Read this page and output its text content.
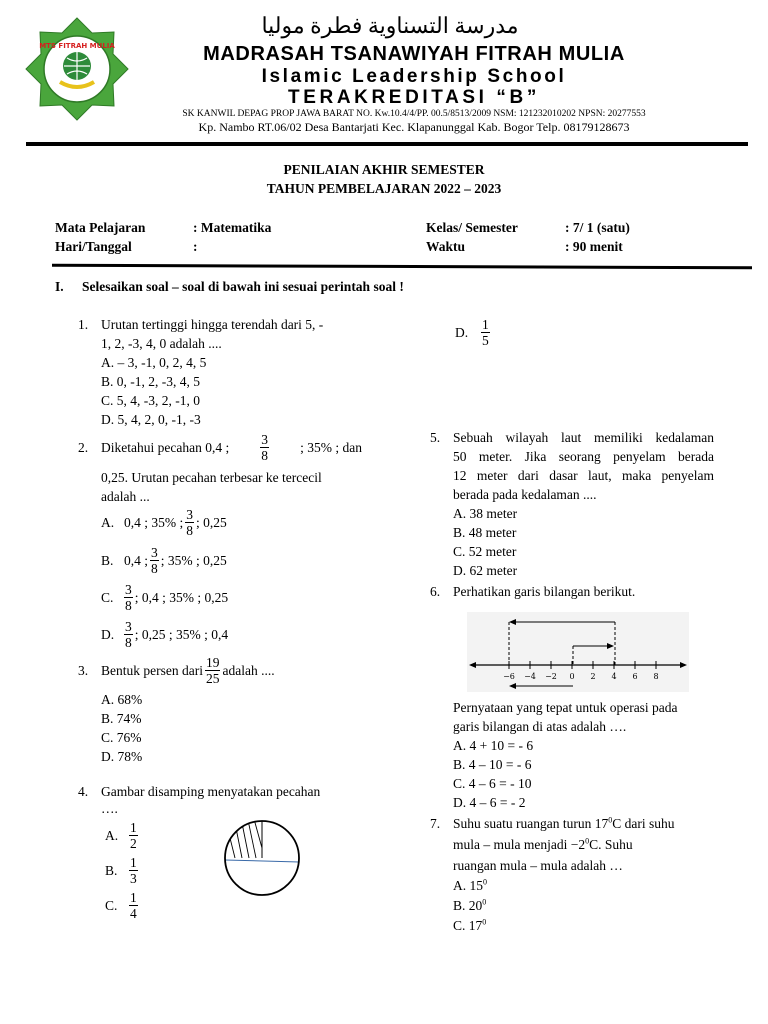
MTS FITRAH MULIA
ﻣﺪﺭﺳﺔ ﺍﻟﺘﺴﻨﺎﻭﻳﺔ ﻓﻄﺮﺓ ﻣﻮﻟﻴﺎ
MADRASAH TSANAWIYAH FITRAH MULIA
Islamic Leadership School
TERAKREDITASI “B”
SK KANWIL DEPAG PROP JAWA BARAT NO. Kw.10.4/4/PP. 00.5/8513/2009 NSM: 121232010202 NPSN: 20277553
Kp. Nambo RT.06/02 Desa Bantarjati Kec. Klapanunggal Kab. Bogor Telp. 08179128673
PENILAIAN AKHIR SEMESTER
TAHUN PEMBELAJARAN 2022 – 2023
Mata Pelajaran	: Matematika
Hari/Tanggal	:
Kelas/ Semester	: 7/ 1 (satu)
Waktu	: 90 menit
I. Selesaikan soal – soal di bawah ini sesuai perintah soal !
1. Urutan tertinggi hingga terendah dari 5, -
1, 2, -3, 4, 0 adalah ....
A. – 3, -1, 0, 2, 4, 5
B. 0, -1, 2, -3, 4, 5
C. 5, 4, -3, 2, -1, 0
D. 5, 4, 2, 0, -1, -3
2. Diketahui pecahan 0,4 ; $\frac{3}{8}$ ; 35% ; dan
0,25. Urutan pecahan terbesar ke tercecil
adalah ...
A. 0,4 ; 35% ; $\frac{3}{8}$ ; 0,25
B. 0,4 ; $\frac{3}{8}$ ; 35% ; 0,25
C. $\frac{3}{8}$ ; 0,4 ; 35% ; 0,25
D. $\frac{3}{8}$ ; 0,25 ; 35% ; 0,4
3. Bentuk persen dari $\frac{19}{25}$ adalah ....
A. 68%
B. 74%
C. 76%
D. 78%
4. Gambar disamping menyatakan pecahan
….
A. $\frac{1}{2}$
B. $\frac{1}{3}$
C. $\frac{1}{4}$
D. $\frac{1}{5}$
5. Sebuah wilayah laut memiliki kedalaman
50 meter. Jika seorang penyelam berada
12 meter dari dasar laut, maka penyelam
berada pada kedalaman ....
A. 38 meter
B. 48 meter
C. 52 meter
D. 62 meter
6. Perhatikan garis bilangan berikut.
−6 −4 −2 0 2 4 6 8
Pernyataan yang tepat untuk operasi pada
garis bilangan di atas adalah ….
A. 4 + 10 = - 6
B. 4 – 10 = - 6
C. 4 – 6 = - 10
D. 4 – 6 = - 2
7. Suhu suatu ruangan turun $17^0C$ dari suhu
mula – mula menjadi $-2^0C$. Suhu
ruangan mula – mula adalah …
A. $15^0$
B. $20^0$
C. $17^0$
